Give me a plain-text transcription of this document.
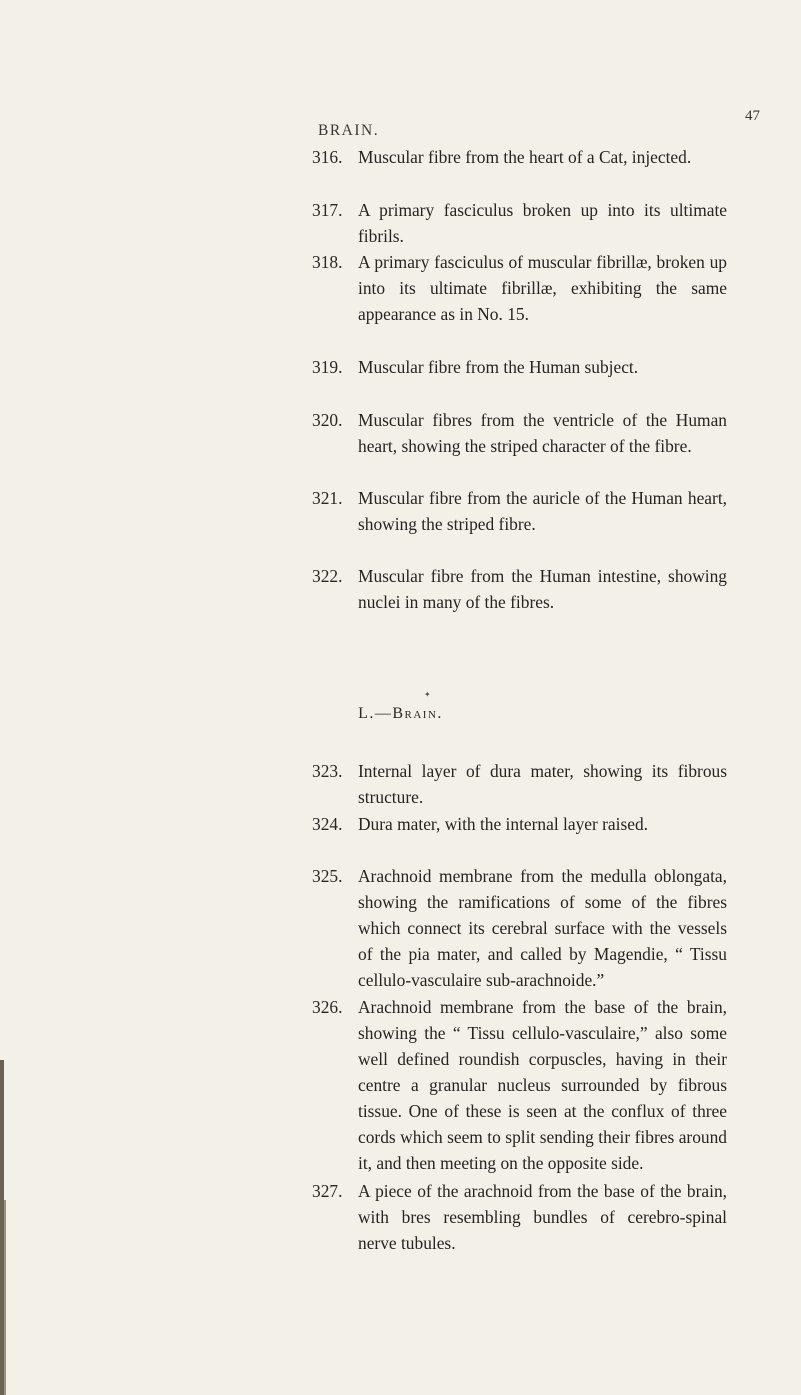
BRAIN.
47
316. Muscular fibre from the heart of a Cat, injected.
317. A primary fasciculus broken up into its ultimate fibrils.
318. A primary fasciculus of muscular fibrillæ, broken up into its ultimate fibrillæ, exhibiting the same appearance as in No. 15.
319. Muscular fibre from the Human subject.
320. Muscular fibres from the ventricle of the Human heart, showing the striped character of the fibre.
321. Muscular fibre from the auricle of the Human heart, showing the striped fibre.
322. Muscular fibre from the Human intestine, showing nuclei in many of the fibres.
✦
L.—Brain.
323. Internal layer of dura mater, showing its fibrous structure.
324. Dura mater, with the internal layer raised.
325. Arachnoid membrane from the medulla oblongata, showing the ramifications of some of the fibres which connect its cerebral surface with the vessels of the pia mater, and called by Magendie, “ Tissu cellulo-vasculaire sub-arachnoide.”
326. Arachnoid membrane from the base of the brain, showing the “ Tissu cellulo-vasculaire,” also some well defined roundish corpuscles, having in their centre a granular nucleus surrounded by fibrous tissue. One of these is seen at the conflux of three cords which seem to split sending their fibres around it, and then meeting on the opposite side.
327. A piece of the arachnoid from the base of the brain, with bres resembling bundles of cerebro-spinal nerve tubules.
